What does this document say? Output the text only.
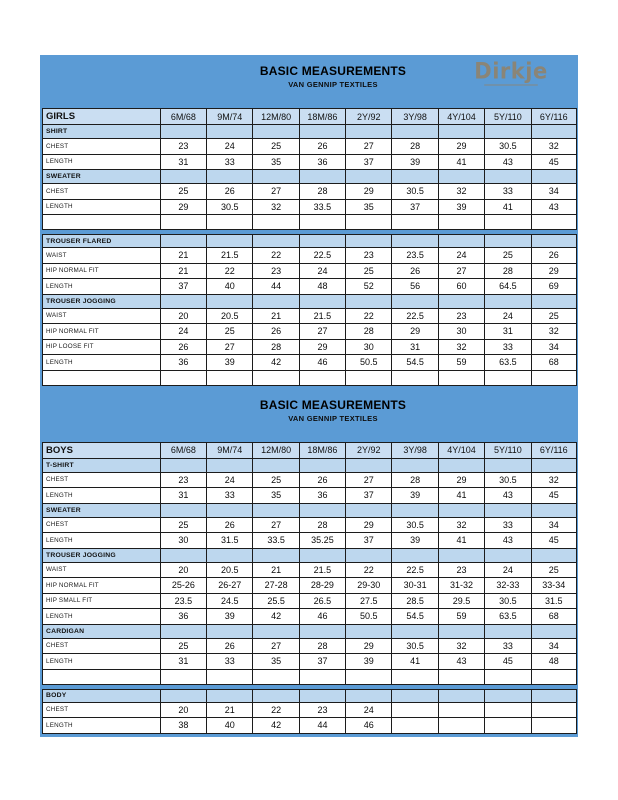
BASIC MEASUREMENTS
VAN GENNIP TEXTILES
Dirkje
GIRLS	6M/68	9M/74	12M/80	18M/86	2Y/92	3Y/98	4Y/104	5Y/110	6Y/116
SHIRT
CHEST	23	24	25	26	27	28	29	30.5	32
LENGTH	31	33	35	36	37	39	41	43	45
SWEATER
CHEST	25	26	27	28	29	30.5	32	33	34
LENGTH	29	30.5	32	33.5	35	37	39	41	43
TROUSER FLARED
WAIST	21	21.5	22	22.5	23	23.5	24	25	26
HIP NORMAL FIT	21	22	23	24	25	26	27	28	29
LENGTH	37	40	44	48	52	56	60	64.5	69
TROUSER JOGGING
WAIST	20	20.5	21	21.5	22	22.5	23	24	25
HIP NORMAL FIT	24	25	26	27	28	29	30	31	32
HIP LOOSE FIT	26	27	28	29	30	31	32	33	34
LENGTH	36	39	42	46	50.5	54.5	59	63.5	68
BASIC MEASUREMENTS
VAN GENNIP TEXTILES
BOYS	6M/68	9M/74	12M/80	18M/86	2Y/92	3Y/98	4Y/104	5Y/110	6Y/116
T-SHIRT
CHEST	23	24	25	26	27	28	29	30.5	32
LENGTH	31	33	35	36	37	39	41	43	45
SWEATER
CHEST	25	26	27	28	29	30.5	32	33	34
LENGTH	30	31.5	33.5	35.25	37	39	41	43	45
TROUSER JOGGING
WAIST	20	20.5	21	21.5	22	22.5	23	24	25
HIP NORMAL FIT	25-26	26-27	27-28	28-29	29-30	30-31	31-32	32-33	33-34
HIP SMALL FIT	23.5	24.5	25.5	26.5	27.5	28.5	29.5	30.5	31.5
LENGTH	36	39	42	46	50.5	54.5	59	63.5	68
CARDIGAN
CHEST	25	26	27	28	29	30.5	32	33	34
LENGTH	31	33	35	37	39	41	43	45	48
BODY
CHEST	20	21	22	23	24
LENGTH	38	40	42	44	46
